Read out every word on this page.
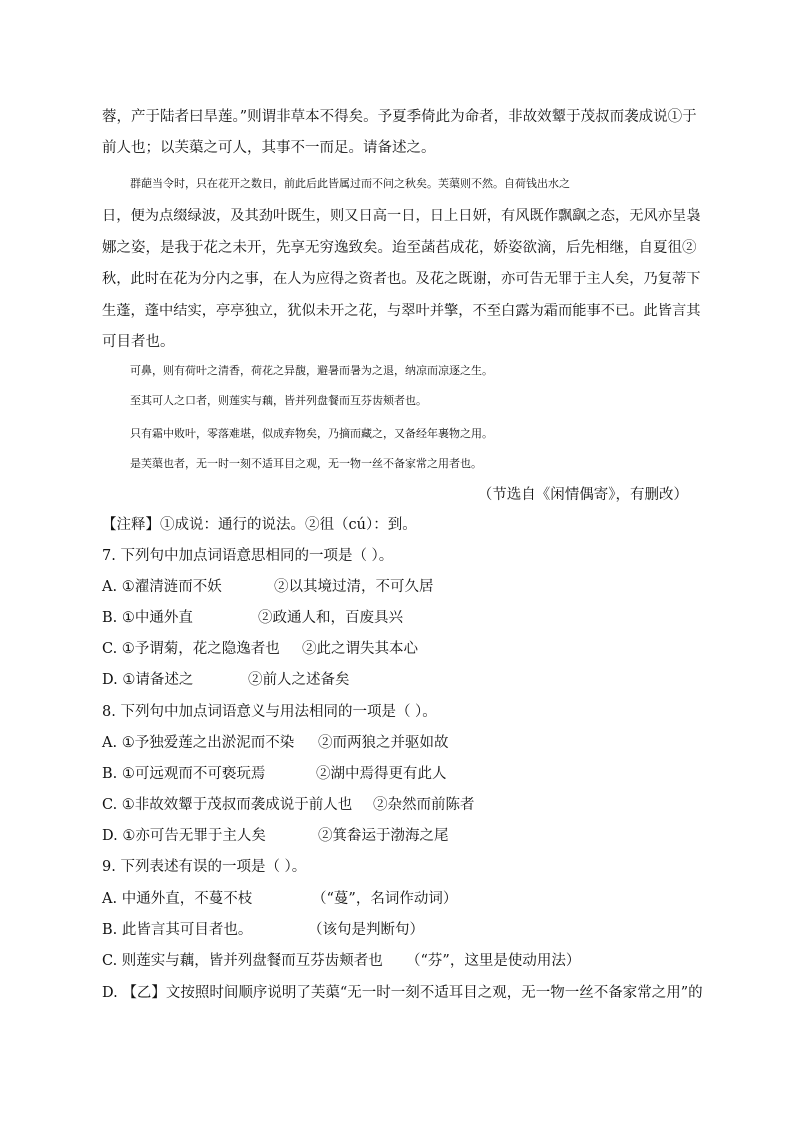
蓉，产于陆者曰旱莲。”则谓非草本不得矣。予夏季倚此为命者，非故效颦于茂叔而袭成说①于
前人也；以芙蕖之可人，其事不一而足。请备述之。
群葩当令时，只在花开之数日，前此后此皆属过而不问之秋矣。芙蕖则不然。自荷钱出水之
日，便为点缀绿波，及其劲叶既生，则又日高一日，日上日妍，有风既作飘飖之态，无风亦呈袅
娜之姿，是我于花之未开，先享无穷逸致矣。迨至菡萏成花，娇姿欲滴，后先相继，自夏徂②
秋，此时在花为分内之事，在人为应得之资者也。及花之既谢，亦可告无罪于主人矣，乃复蒂下
生蓬，蓬中结实，亭亭独立，犹似未开之花，与翠叶并擎，不至白露为霜而能事不已。此皆言其
可目者也。
可鼻，则有荷叶之清香，荷花之异馥，避暑而暑为之退，纳凉而凉逐之生。
至其可人之口者，则莲实与藕，皆并列盘餐而互芬齿颊者也。
只有霜中败叶，零落难堪，似成弃物矣，乃摘而藏之，又备经年裹物之用。
是芙蕖也者，无一时一刻不适耳目之观，无一物一丝不备家常之用者也。
（节选自《闲情偶寄》，有删改）
【注释】①成说：通行的说法。②徂（cú）：到。
7. 下列句中加点词语意思相同的一项是（ ）。
A. ①濯清涟而不妖	②以其境过清，不可久居
B. ①中通外直	②政通人和，百废具兴
C. ①予谓菊，花之隐逸者也 ②此之谓失其本心
D. ①请备述之	②前人之述备矣
8. 下列句中加点词语意义与用法相同的一项是（ ）。
A. ①予独爱莲之出淤泥而不染 ②而两狼之并驱如故
B. ①可远观而不可亵玩焉	②湖中焉得更有此人
C. ①非故效颦于茂叔而袭成说于前人也 ②杂然而前陈者
D. ①亦可告无罪于主人矣	②箕畚运于渤海之尾
9. 下列表述有误的一项是（ ）。
A. 中通外直，不蔓不枝	（“蔓”，名词作动词）
B. 此皆言其可目者也。	（该句是判断句）
C. 则莲实与藕，皆并列盘餐而互芬齿颊者也 （“芬”，这里是使动用法）
D. 【乙】文按照时间顺序说明了芙蕖“无一时一刻不适耳目之观，无一物一丝不备家常之用”的
